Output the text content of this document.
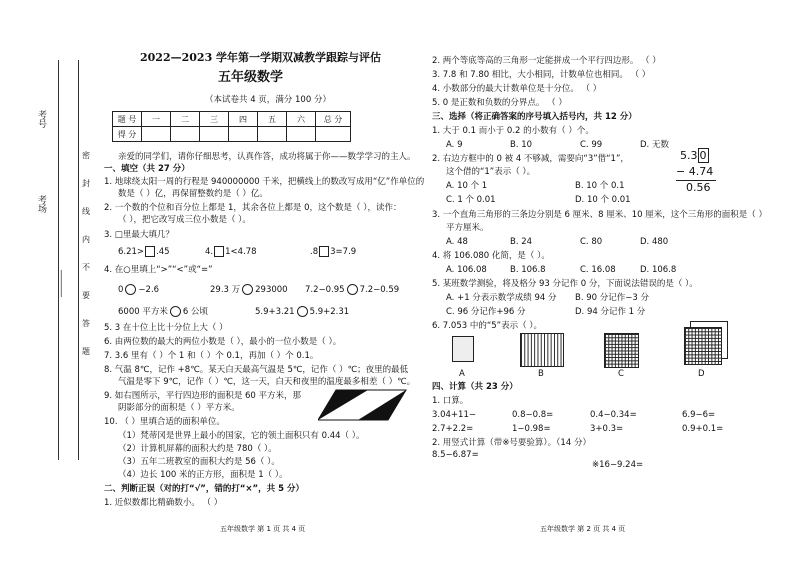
考号
考场
______
密
封
线
内
不
要
答
题
2022—2023 学年第一学期双减教学跟踪与评估
五年级数学
（本试卷共 4 页，满分 100 分）
题 号	一	二	三	四	五	六	总 分
得 分							
亲爱的同学们，请你仔细思考，认真作答，成功将属于你——数学学习的主人。
一、填空（共 27 分）
1. 地球绕太阳一周的行程是 940000000 千米，把横线上的数改写成用“亿”作单位的
数是（ ）亿，再保留整数约是（ ）亿。
2. 一个数的个位和百分位上都是 1，其余各位上都是 0，这个数是（ ），读作：
（ ），把它改写成三位小数是（ ）。
3. □里最大填几？
6.21> .45	4. 1<4.78	.8 3=7.9
4. 在○里填上“>”“<”或“=”
0 −2.6	29.3 万 293000 7.2−0.95 7.2−0.59
6000 平方米 6 公顷	5.9+3.21 5.9+2.31
5. 3 在十位上比十分位上大（ ）
6. 由两位数的最大的两位小数是（ ），最小的一位小数是（ ）。
7. 3.6 里有（ ）个 1 和（ ）个 0.1，再加（ ）个 0.1。
8. 气温 8℃，记作 +8℃。某天白天最高气温是 5℃，记作（ ）℃；夜里的最低
气温是零下 9℃，记作（ ）℃，这一天，白天和夜里的温度最多相差（ ）℃。
9. 如右图所示，平行四边形的面积是 60 平方米，那
阴影部分的面积是（ ）平方米。
10. （ ）里填合适的面积单位。
（1）梵蒂冈是世界上最小的国家，它的领土面积只有 0.44（ ）。
（2）计算机屏幕的面积大约是 780（ ）。
（3）五年二班教室的面积大约是 56（ ）。
（4）边长 100 米的正方形，面积是 1（ ）。
二、判断正误（对的打“√”，错的打“×”，共 5 分）
1. 近似数都比精确数小。 （ ）
五年级数学 第 1 页 共 4 页
2. 两个等底等高的三角形一定能拼成一个平行四边形。 （ ）
3. 7.8 和 7.80 相比，大小相同，计数单位也相同。 （ ）
4. 小数部分的最大计数单位是十分位。 （ ）
5. 0 是正数和负数的分界点。 （ ）
三、选择（将正确答案的序号填入括号内，共 12 分）
1. 大于 0.1 而小于 0.2 的小数有（ ）个。
A. 9	B. 10	C. 99	D. 无数
2. 右边方框中的 0 被 4 不够减，需要向“3”借“1”，
这个借的“1”表示（ ）。
A. 10 个 1	B. 10 个 0.1
C. 1 个 0.01	D. 10 个 0.01
5.3 0
− 4.74
0.56
3. 一个直角三角形的三条边分别是 6 厘米、8 厘米、10 厘米，这个三角形的面积是（ ）
平方厘米。
A. 48	B. 24	C. 80	D. 480
4. 将 106.080 化简，是（ ）。
A. 106.08	B. 106.8	C. 16.08	D. 106.8
5. 某班数学测验，将及格分 93 分记作 0 分，下面说法错误的是（ ）。
A. +1 分表示数学成绩 94 分 B. 90 分记作−3 分
C. 96 分记作+96 分	D. 94 分记作 1 分
6. 7.053 中的“5”表示（ ）。
A	B	C	D
四、计算（共 23 分）
1. 口算。
3.04+11−	0.8−0.8=	0.4−0.34=	6.9−6=
2.7+2.2=	1−0.98=	3+0.3=	0.9+0.1=
2. 用竖式计算（带※号要验算）。（14 分）
8.5−6.87=
※16−9.24=
五年级数学 第 2 页 共 4 页
